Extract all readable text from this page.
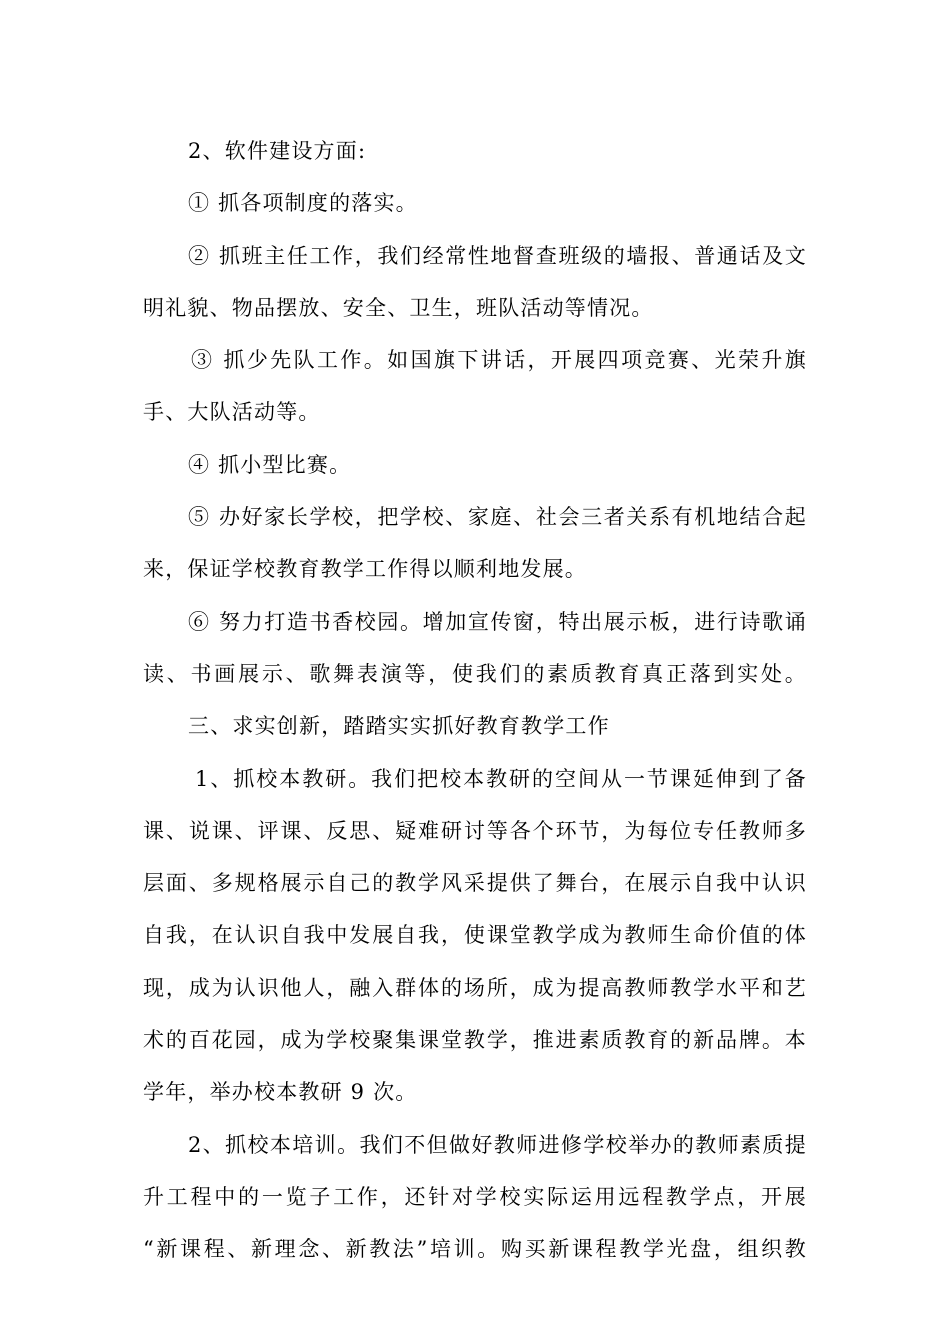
2、软件建设方面:
① 抓各项制度的落实。
② 抓班主任工作，我们经常性地督查班级的墙报、普通话及文
明礼貌、物品摆放、安全、卫生，班队活动等情况。
③ 抓少先队工作。如国旗下讲话，开展四项竞赛、光荣升旗
手、大队活动等。
④ 抓小型比赛。
⑤ 办好家长学校，把学校、家庭、社会三者关系有机地结合起
来，保证学校教育教学工作得以顺利地发展。
⑥ 努力打造书香校园。增加宣传窗，特出展示板，进行诗歌诵
读、书画展示、歌舞表演等，使我们的素质教育真正落到实处。
三、求实创新，踏踏实实抓好教育教学工作
1、抓校本教研。我们把校本教研的空间从一节课延伸到了备
课、说课、评课、反思、疑难研讨等各个环节，为每位专任教师多
层面、多规格展示自己的教学风采提供了舞台，在展示自我中认识
自我，在认识自我中发展自我，使课堂教学成为教师生命价值的体
现，成为认识他人，融入群体的场所，成为提高教师教学水平和艺
术的百花园，成为学校聚集课堂教学，推进素质教育的新品牌。本
学年，举办校本教研 9 次。
2、抓校本培训。我们不但做好教师进修学校举办的教师素质提
升工程中的一览子工作，还针对学校实际运用远程教学点，开展
“新课程、新理念、新教法”培训。购买新课程教学光盘，组织教
